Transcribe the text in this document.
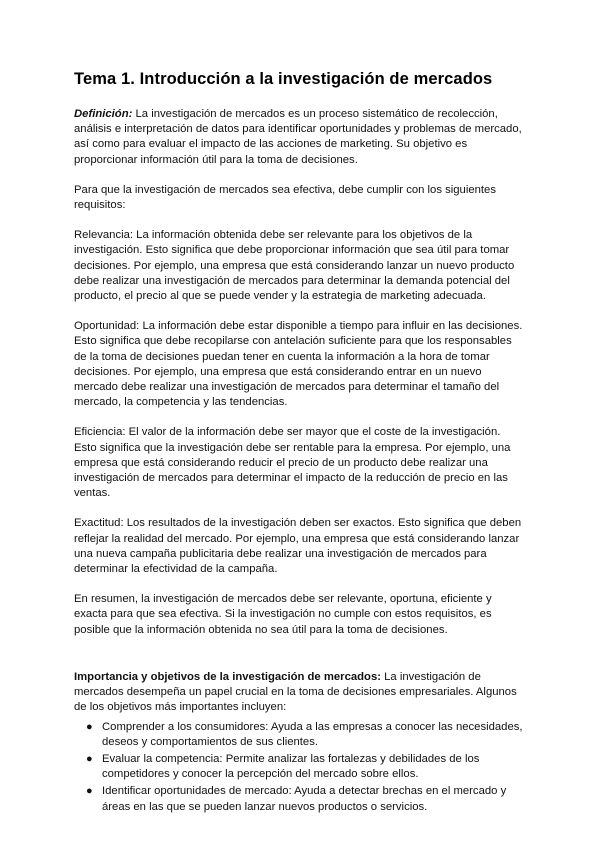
Tema 1. Introducción a la investigación de mercados

Definición: La investigación de mercados es un proceso sistemático de recolección, análisis e interpretación de datos para identificar oportunidades y problemas de mercado, así como para evaluar el impacto de las acciones de marketing. Su objetivo es proporcionar información útil para la toma de decisiones.

Para que la investigación de mercados sea efectiva, debe cumplir con los siguientes requisitos:

Relevancia: La información obtenida debe ser relevante para los objetivos de la investigación. Esto significa que debe proporcionar información que sea útil para tomar decisiones. Por ejemplo, una empresa que está considerando lanzar un nuevo producto debe realizar una investigación de mercados para determinar la demanda potencial del producto, el precio al que se puede vender y la estrategia de marketing adecuada.

Oportunidad: La información debe estar disponible a tiempo para influir en las decisiones. Esto significa que debe recopilarse con antelación suficiente para que los responsables de la toma de decisiones puedan tener en cuenta la información a la hora de tomar decisiones. Por ejemplo, una empresa que está considerando entrar en un nuevo mercado debe realizar una investigación de mercados para determinar el tamaño del mercado, la competencia y las tendencias.

Eficiencia: El valor de la información debe ser mayor que el coste de la investigación. Esto significa que la investigación debe ser rentable para la empresa. Por ejemplo, una empresa que está considerando reducir el precio de un producto debe realizar una investigación de mercados para determinar el impacto de la reducción de precio en las ventas.

Exactitud: Los resultados de la investigación deben ser exactos. Esto significa que deben reflejar la realidad del mercado. Por ejemplo, una empresa que está considerando lanzar una nueva campaña publicitaria debe realizar una investigación de mercados para determinar la efectividad de la campaña.

En resumen, la investigación de mercados debe ser relevante, oportuna, eficiente y exacta para que sea efectiva. Si la investigación no cumple con estos requisitos, es posible que la información obtenida no sea útil para la toma de decisiones.

Importancia y objetivos de la investigación de mercados: La investigación de mercados desempeña un papel crucial en la toma de decisiones empresariales. Algunos de los objetivos más importantes incluyen:

● Comprender a los consumidores: Ayuda a las empresas a conocer las necesidades, deseos y comportamientos de sus clientes.
● Evaluar la competencia: Permite analizar las fortalezas y debilidades de los competidores y conocer la percepción del mercado sobre ellos.
● Identificar oportunidades de mercado: Ayuda a detectar brechas en el mercado y áreas en las que se pueden lanzar nuevos productos o servicios.
